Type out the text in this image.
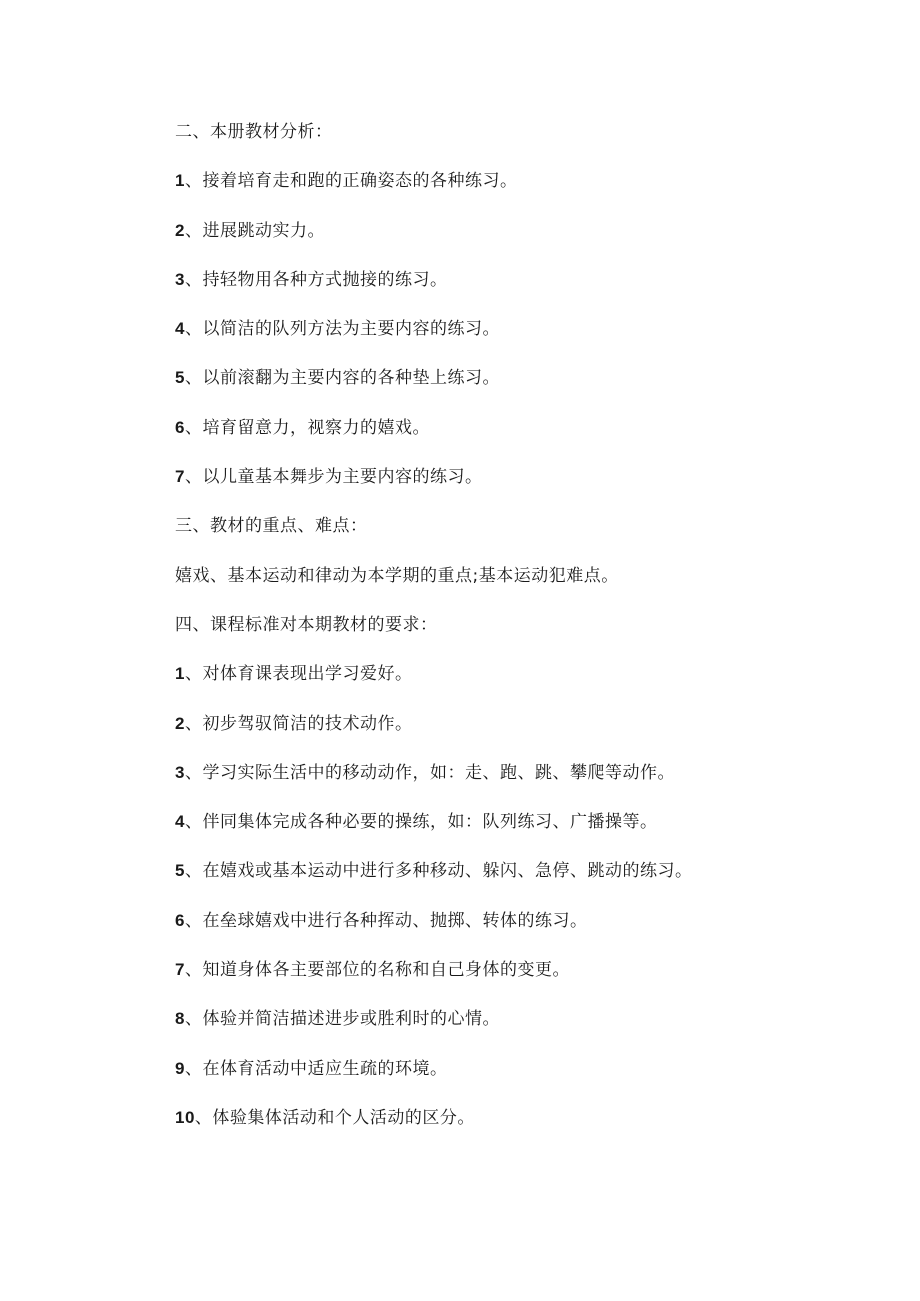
二、本册教材分析：
1、接着培育走和跑的正确姿态的各种练习。
2、进展跳动实力。
3、持轻物用各种方式抛接的练习。
4、以简洁的队列方法为主要内容的练习。
5、以前滚翻为主要内容的各种垫上练习。
6、培育留意力，视察力的嬉戏。
7、以儿童基本舞步为主要内容的练习。
三、教材的重点、难点：
嬉戏、基本运动和律动为本学期的重点;基本运动犯难点。
四、课程标准对本期教材的要求：
1、对体育课表现出学习爱好。
2、初步驾驭简洁的技术动作。
3、学习实际生活中的移动动作，如：走、跑、跳、攀爬等动作。
4、伴同集体完成各种必要的操练，如：队列练习、广播操等。
5、在嬉戏或基本运动中进行多种移动、躲闪、急停、跳动的练习。
6、在垒球嬉戏中进行各种挥动、抛掷、转体的练习。
7、知道身体各主要部位的名称和自己身体的变更。
8、体验并简洁描述进步或胜利时的心情。
9、在体育活动中适应生疏的环境。
10、体验集体活动和个人活动的区分。
